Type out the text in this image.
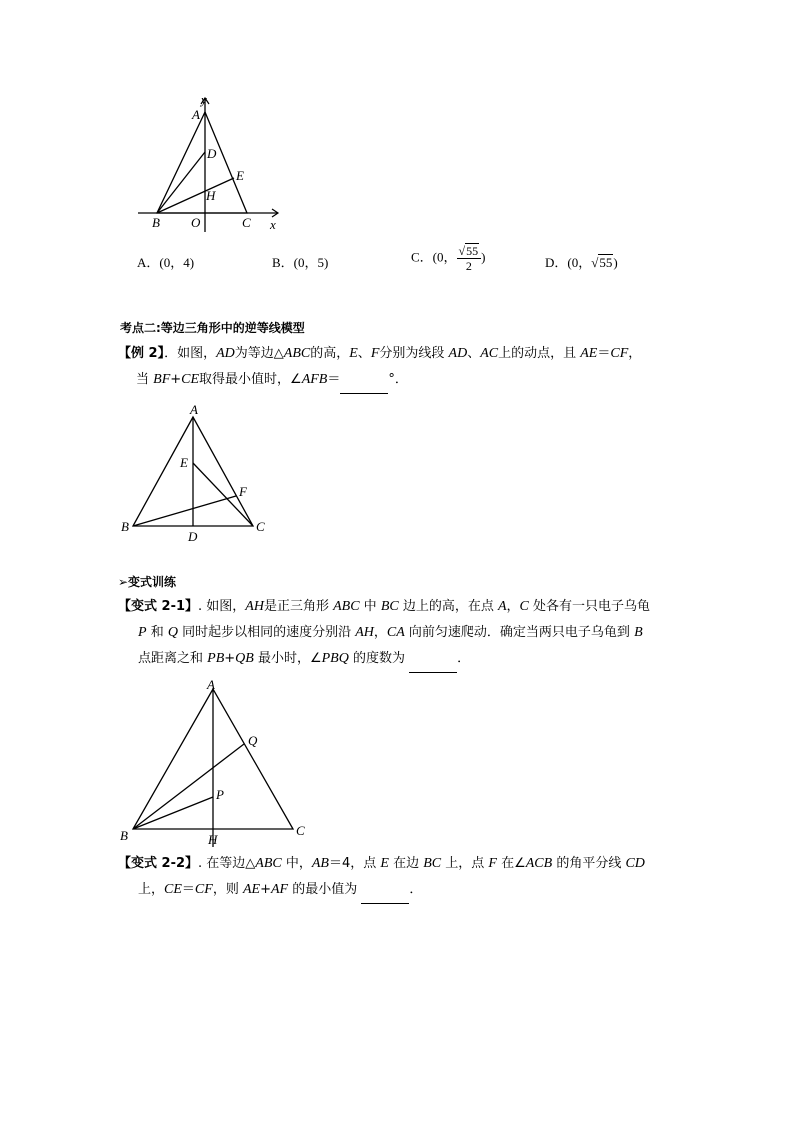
y
A
D
E
H
B O	C x
A．(0，4)	B．(0，5)	C．(0， $\frac{√55}{2}$ )	D．(0，√55)
考点二:等边三角形中的逆等线模型
【例 2】．如图，AD为等边△ABC的高，E、F分别为线段 AD、AC上的动点，且 AE＝CF，
当 BF+CE取得最小值时，∠AFB＝	°．
A
E
F
B
D
C
➢变式训练
【变式 2-1】. 如图，AH是正三角形 ABC 中 BC 边上的高，在点 A，C 处各有一只电子乌龟
P 和 Q 同时起步以相同的速度分别沿 AH，CA 向前匀速爬动．确定当两只电子乌龟到 B
点距离之和 PB+QB 最小时，∠PBQ 的度数为	．
A
Q
P
B	H
C
【变式 2-2】. 在等边△ABC 中，AB＝4，点 E 在边 BC 上，点 F 在∠ACB 的角平分线 CD
上，CE＝CF，则 AE+AF 的最小值为	．
